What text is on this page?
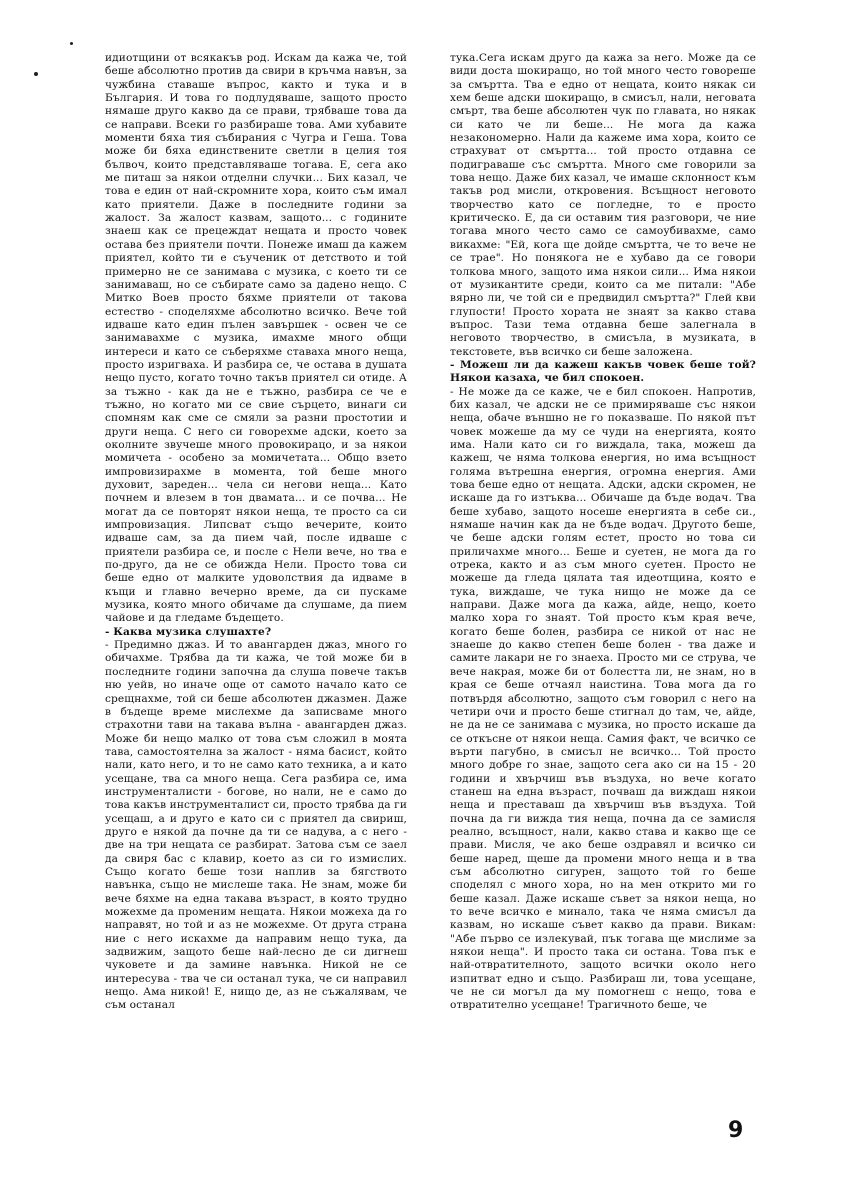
идиотщини от всякакъв род. Искам да кажа че, той беше абсолютно против да свири в кръчма навън, за чужбина ставаше въпрос, както и тука и в България. И това го подлудяваше, защото просто нямаше друго какво да се прави, трябваше това да се направи. Всеки го разбираше това. Ами хубавите моменти бяха тия събирания с Чугра и Геша. Това може би бяха единствените светли в целия тоя бълвоч, които представляваше тогава. Е, сега ако ме питаш за някои отделни случки... Бих казал, че това е един от най-скромните хора, които съм имал като приятели. Даже в последните години за жалост. За жалост казвам, защото... с годините знаеш как се прецеждат нещата и просто човек остава без приятели почти. Понеже имаш да кажем приятел, който ти е съученик от детството и той примерно не се занимава с музика, с което ти се занимаваш, но се събирате само за дадено нещо. С Митко Воев просто бяхме приятели от такова естество - споделяхме абсолютно всичко. Вече той идваше като един пълен завършек - освен че се занимавахме с музика, имахме много общи интереси и като се съберяхме ставаха много неща, просто изригваха. И разбира се, че остава в душата нещо пусто, когато точно такъв приятел си отиде. А за тъжно - как да не е тъжно, разбира се че е тъжно, но когато ми се свие сърцето, винаги си спомням как сме се смяли за разни простотии и други неща. С него си говорехме адски, което за околните звучеше много провокирацо, и за някои момичета - особено за момичетата... Общо взето импровизирахме в момента, той беше много духовит, зареден... чела си негови неща... Като почнем и влезем в тон двамата... и се почва... Не могат да се повторят някои неща, те просто са си импровизация. Липсват също вечерите, които идваше сам, за да пием чай, после идваше с приятели разбира се, и после с Нели вече, но тва е по-друго, да не се обижда Нели. Просто това си беше едно от малките удоволствия да идваме в къщи и главно вечерно време, да си пускаме музика, която много обичаме да слушаме, да пием чайове и да гледаме бъдещето.

- Каква музика слушахте?

- Предимно джаз. И то авангарден джаз, много го обичахме. Трябва да ти кажа, че той може би в последните години започна да слуша повече такъв ню уейв, но иначе още от самото начало като се срещнахме, той си беше абсолютен джазмен. Даже в бъдеще време мислехме да записваме много страхотни тави на такава вълна - авангарден джаз. Може би нещо малко от това съм сложил в моята тава, самостоятелна за жалост - няма басист, който нали, като него, и то не само като техника, а и като усещане, тва са много неща. Сега разбира се, има инструменталисти - богове, но нали, не е само до това какъв инструменталист си, просто трябва да ги усещаш, а и друго е като си с приятел да свириш, друго е някой да почне да ти се надува, а с него - две на три нещата се разбират. Затова съм се заел да свиря бас с клавир, което аз си го измислих. Също когато беше този наплив за бягството навънка, също не мислеше така. Не знам, може би вече бяхме на една такава възраст, в която трудно можехме да променим нещата. Някои можеха да го направят, но той и аз не можехме. От друга страна ние с него искахме да направим нещо тука, да задвижим, защото беше най-лесно де си дигнеш чуковете и да замине навънка. Никой не се интересува - тва че си останал тука, че си направил нещо. Ама никой! Е, нищо де, аз не съжалявам, че съм останал

тука.Сега искам друго да кажа за него. Може да се види доста шокиращо, но той много често говореше за смъртта. Тва е едно от нещата, които някак си хем беше адски шокиращо, в смисъл, нали, неговата смърт, тва беше абсолютен чук по главата, но някак си като че ли беше... Не мога да кажа незакономерно. Нали да кажеме има хора, които се страхуват от смъртта... той просто отдавна се подиграваше със смъртта. Много сме говорили за това нещо. Даже бих казал, че имаше склонност към такъв род мисли, откровения. Всъщност неговото творчество като се погледне, то е просто критическо. Е, да си оставим тия разговори, че ние тогава много често само се самоубивахме, само викахме: "Ей, кога ще дойде смъртта, че то вече не се трае". Но понякога не е хубаво да се говори толкова много, защото има някои сили... Има някои от музикантите среди, които са ме питали: "Абе вярно ли, че той си е предвидил смъртта?" Глей кви глупости! Просто хората не знаят за какво става въпрос. Тази тема отдавна беше залегнала в неговото творчество, в смисъла, в музиката, в текстовете, във всичко си беше заложена.

- Можеш ли да кажеш какъв човек беше той? Някои казаха, че бил спокоен.

- Не може да се каже, че е бил спокоен. Напротив, бих казал, че адски не се примиряваше със някои неща, обаче външно не го показваше. По някой път човек можеше да му се чуди на енергията, която има. Нали като си го виждала, така, можеш да кажеш, че няма толкова енергия, но има всъщност голяма вътрешна енергия, огромна енергия. Ами това беше едно от нещата. Адски, адски скромен, не искаше да го изтъква... Обичаше да бъде водач. Тва беше хубаво, защото носеше енергията в себе си., нямаше начин как да не бъде водач. Другото беше, че беше адски голям естет, просто но това си приличахме много... Беше и суетен, не мога да го отрека, както и аз съм много суетен. Просто не можеше да гледа цялата тая идеотщина, която е тука, виждаше, че тука нищо не може да се направи. Даже мога да кажа, айде, нещо, което малко хора го знаят. Той просто към края вече, когато беше болен, разбира се никой от нас не знаеше до какво степен беше болен - тва даже и самите лакари не го знаеха. Просто ми се струва, че вече накрая, може би от болестта ли, не знам, но в края се беше отчаял наистина. Това мога да го потвърдя абсолютно, защото съм говорил с него на четири очи и просто беше стигнал до там, че, айде, не да не се занимава с музика, но просто искаше да се откъсне от някои неща. Самия факт, че всичко се върти пагубно, в смисъл не всичко... Той просто много добре го знае, защото сега ако си на 15 - 20 години и хвърчиш във въздуха, но вече когато станеш на една възраст, почваш да виждаш някои неща и преставаш да хвърчиш във въздуха. Той почна да ги вижда тия неща, почна да се замисля реално, всъщност, нали, какво става и какво ще се прави. Мисля, че ако беше оздравял и всичко си беше наред, щеше да промени много неща и в тва съм абсолютно сигурен, защото той го беше споделял с много хора, но на мен откритo ми го беше казал. Даже искаше съвет за някои неща, но то вече всичко е минало, така че няма смисъл да казвам, но искаше съвет какво да прави. Викам: "Абе първо се излекувай, пък тогава ще мислиме за някои неща". И просто така си остана. Това пък е най-отвратителното, защото всички около него изпитват едно и също. Разбираш ли, това усещане, че не си могъл да му помогнеш с нещо, това е отвратително усещане! Трагичното беше, че

9
